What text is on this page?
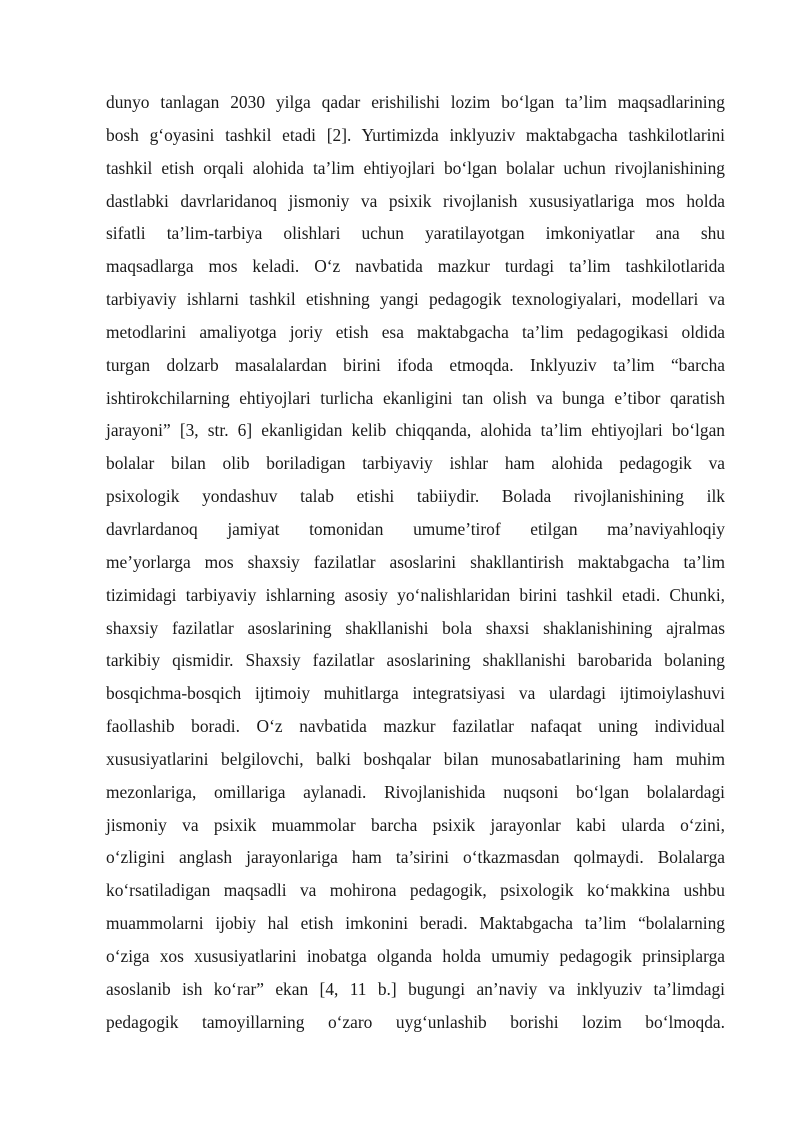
dunyo tanlagan 2030 yilga qadar erishilishi lozim bo‘lgan ta’lim maqsadlarining
bosh g‘oyasini tashkil etadi [2]. Yurtimizda inklyuziv maktabgacha tashkilotlarini
tashkil etish orqali alohida ta’lim ehtiyojlari bo‘lgan bolalar uchun rivojlanishining
dastlabki davrlaridanoq jismoniy va psixik rivojlanish xususiyatlariga mos holda
sifatli ta’lim-tarbiya olishlari uchun yaratilayotgan imkoniyatlar ana shu
maqsadlarga mos keladi. O‘z navbatida mazkur turdagi ta’lim tashkilotlarida
tarbiyaviy ishlarni tashkil etishning yangi pedagogik texnologiyalari, modellari va
metodlarini amaliyotga joriy etish esa maktabgacha ta’lim pedagogikasi oldida
turgan dolzarb masalalardan birini ifoda etmoqda. Inklyuziv ta’lim “barcha
ishtirokchilarning ehtiyojlari turlicha ekanligini tan olish va bunga e’tibor qaratish
jarayoni” [3, str. 6] ekanligidan kelib chiqqanda, alohida ta’lim ehtiyojlari bo‘lgan
bolalar bilan olib boriladigan tarbiyaviy ishlar ham alohida pedagogik va
psixologik yondashuv talab etishi tabiiydir. Bolada rivojlanishining ilk
davrlardanoq jamiyat tomonidan umume’tirof etilgan ma’naviyahloqiy
me’yorlarga mos shaxsiy fazilatlar asoslarini shakllantirish maktabgacha ta’lim
tizimidagi tarbiyaviy ishlarning asosiy yo‘nalishlaridan birini tashkil etadi. Chunki,
shaxsiy fazilatlar asoslarining shakllanishi bola shaxsi shaklanishining ajralmas
tarkibiy qismidir. Shaxsiy fazilatlar asoslarining shakllanishi barobarida bolaning
bosqichma-bosqich ijtimoiy muhitlarga integratsiyasi va ulardagi ijtimoiylashuvi
faollashib boradi. O‘z navbatida mazkur fazilatlar nafaqat uning individual
xususiyatlarini belgilovchi, balki boshqalar bilan munosabatlarining ham muhim
mezonlariga, omillariga aylanadi. Rivojlanishida nuqsoni bo‘lgan bolalardagi
jismoniy va psixik muammolar barcha psixik jarayonlar kabi ularda o‘zini,
o‘zligini anglash jarayonlariga ham ta’sirini o‘tkazmasdan qolmaydi. Bolalarga
ko‘rsatiladigan maqsadli va mohirona pedagogik, psixologik ko‘makkina ushbu
muammolarni ijobiy hal etish imkonini beradi. Maktabgacha ta’lim “bolalarning
o‘ziga xos xususiyatlarini inobatga olganda holda umumiy pedagogik prinsiplarga
asoslanib ish ko‘rar” ekan [4, 11 b.] bugungi an’naviy va inklyuziv ta’limdagi
pedagogik tamoyillarning o‘zaro uyg‘unlashib borishi lozim bo‘lmoqda.
